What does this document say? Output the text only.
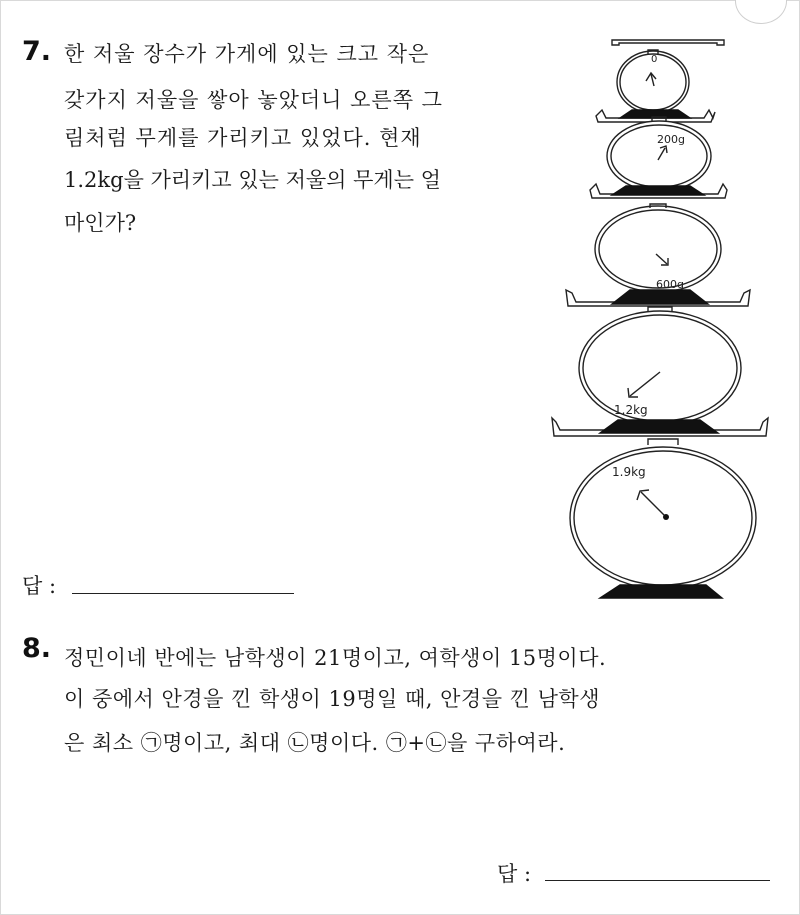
7. 한 저울 장수가 가게에 있는 크고 작은
갖가지 저울을 쌓아 놓았더니 오른쪽 그
림처럼 무게를 가리키고 있었다. 현재
1.2kg을 가리키고 있는 저울의 무게는 얼
마인가?
답 :
0
200g
600g
1.2kg
1.9kg
8. 정민이네 반에는 남학생이 21명이고, 여학생이 15명이다.
이 중에서 안경을 낀 학생이 19명일 때, 안경을 낀 남학생
은 최소 ㉠명이고, 최대 ㉡명이다. ㉠+㉡을 구하여라.
답 :
